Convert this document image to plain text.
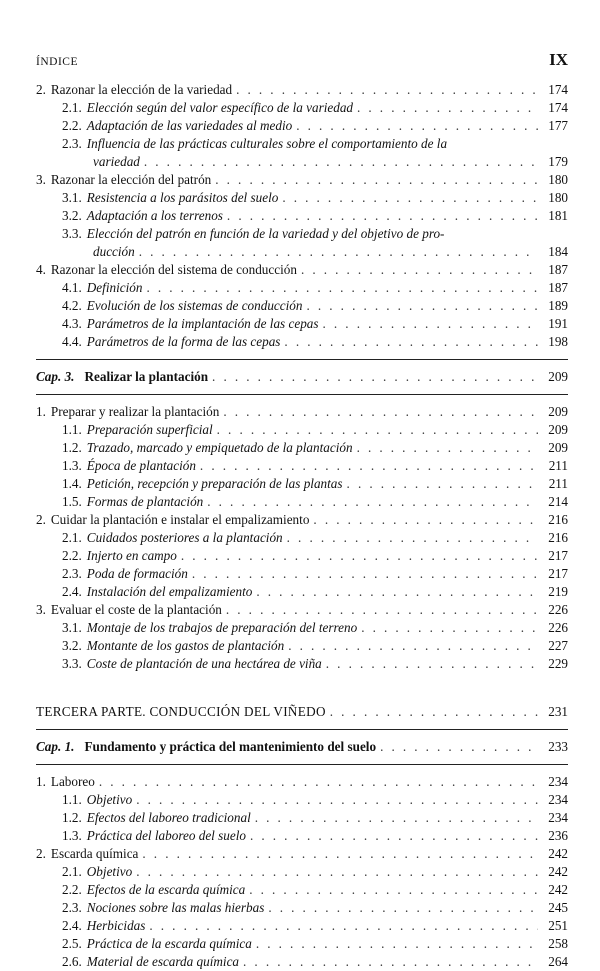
ÍNDICE	IX
2. Razonar la elección de la variedad . . .	174
2.1. Elección según del valor específico de la variedad . . .	174
2.2. Adaptación de las variedades al medio . . .	177
2.3. Influencia de las prácticas culturales sobre el comportamiento de la
variedad . . .	179
3. Razonar la elección del patrón . . .	180
3.1. Resistencia a los parásitos del suelo . . .	180
3.2. Adaptación a los terrenos . . .	181
3.3. Elección del patrón en función de la variedad y del objetivo de pro-
ducción . . .	184
4. Razonar la elección del sistema de conducción . . .	187
4.1. Definición . . .	187
4.2. Evolución de los sistemas de conducción . . .	189
4.3. Parámetros de la implantación de las cepas . . .	191
4.4. Parámetros de la forma de las cepas . . .	198
Cap. 3. Realizar la plantación . . .	209
1. Preparar y realizar la plantación . . .	209
1.1. Preparación superficial . . .	209
1.2. Trazado, marcado y empiquetado de la plantación . . .	209
1.3. Época de plantación . . .	211
1.4. Petición, recepción y preparación de las plantas . . .	211
1.5. Formas de plantación . . .	214
2. Cuidar la plantación e instalar el empalizamiento . . .	216
2.1. Cuidados posteriores a la plantación . . .	216
2.2. Injerto en campo . . .	217
2.3. Poda de formación . . .	217
2.4. Instalación del empalizamiento . . .	219
3. Evaluar el coste de la plantación . . .	226
3.1. Montaje de los trabajos de preparación del terreno . . .	226
3.2. Montante de los gastos de plantación . . .	227
3.3. Coste de plantación de una hectárea de viña . . .	229
TERCERA PARTE. CONDUCCIÓN DEL VIÑEDO . . .	231
Cap. 1. Fundamento y práctica del mantenimiento del suelo . . .	233
1. Laboreo . . .	234
1.1. Objetivo . . .	234
1.2. Efectos del laboreo tradicional . . .	234
1.3. Práctica del laboreo del suelo . . .	236
2. Escarda química . . .	242
2.1. Objetivo . . .	242
2.2. Efectos de la escarda química . . .	242
2.3. Nociones sobre las malas hierbas . . .	245
2.4. Herbicidas . . .	251
2.5. Práctica de la escarda química . . .	258
2.6. Material de escarda química . . .	264
